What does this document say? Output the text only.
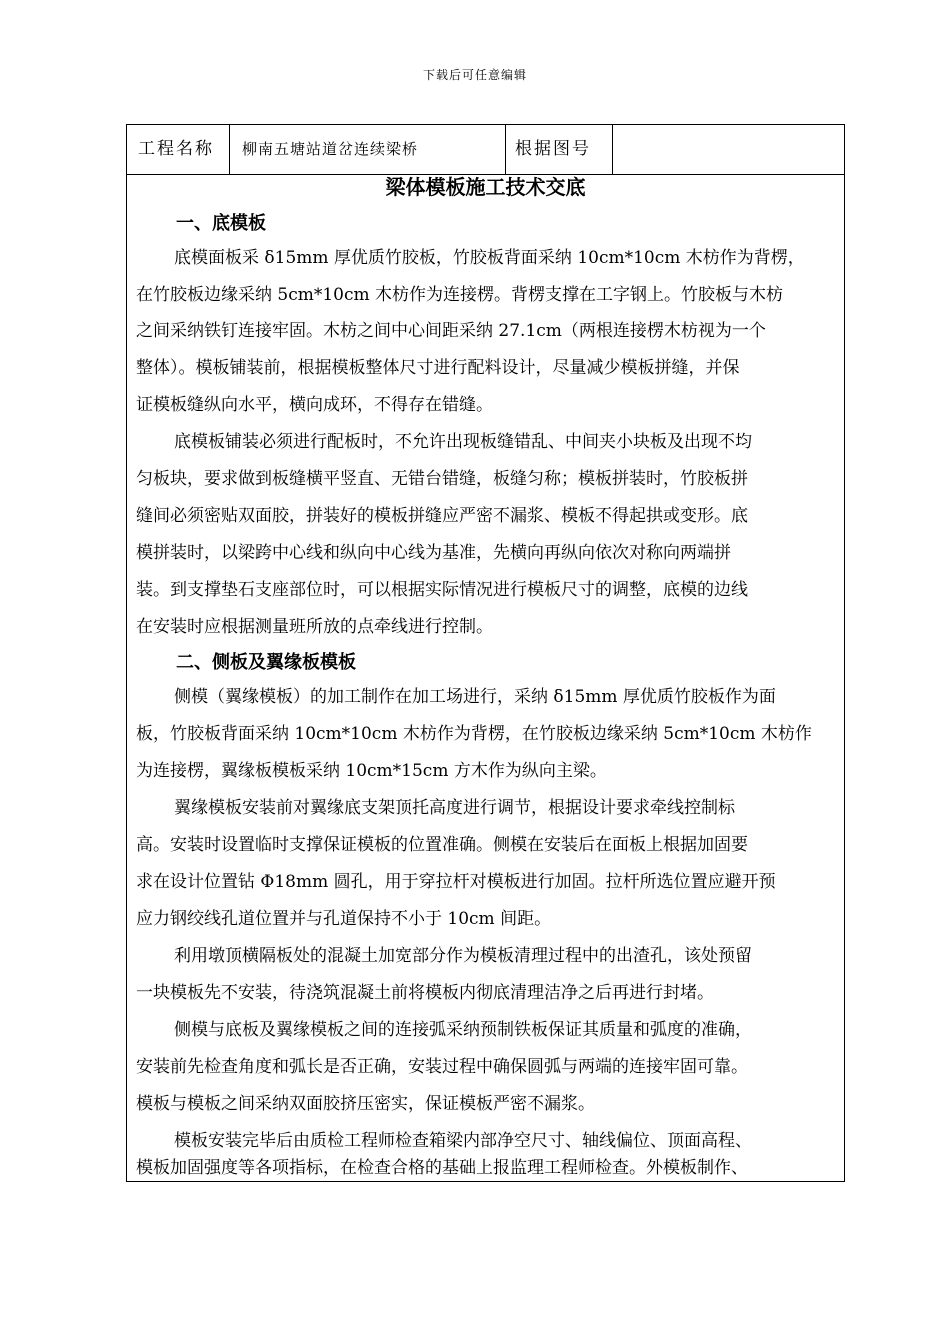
下载后可任意编辑
工程名称	柳南五塘站道岔连续梁桥	根据图号
梁体模板施工技术交底
一、底模板
底模面板采 δ15mm 厚优质竹胶板，竹胶板背面采纳 10cm*10cm 木枋作为背楞，
在竹胶板边缘采纳 5cm*10cm 木枋作为连接楞。背楞支撑在工字钢上。竹胶板与木枋
之间采纳铁钉连接牢固。木枋之间中心间距采纳 27.1cm（两根连接楞木枋视为一个
整体）。模板铺装前，根据模板整体尺寸进行配料设计，尽量减少模板拼缝，并保
证模板缝纵向水平，横向成环，不得存在错缝。
底模板铺装必须进行配板时，不允许出现板缝错乱、中间夹小块板及出现不均
匀板块，要求做到板缝横平竖直、无错台错缝，板缝匀称；模板拼装时，竹胶板拼
缝间必须密贴双面胶，拼装好的模板拼缝应严密不漏浆、模板不得起拱或变形。底
模拼装时，以梁跨中心线和纵向中心线为基准，先横向再纵向依次对称向两端拼
装。到支撑垫石支座部位时，可以根据实际情况进行模板尺寸的调整，底模的边线
在安装时应根据测量班所放的点牵线进行控制。
二、侧板及翼缘板模板
侧模（翼缘模板）的加工制作在加工场进行，采纳 δ15mm 厚优质竹胶板作为面
板，竹胶板背面采纳 10cm*10cm 木枋作为背楞，在竹胶板边缘采纳 5cm*10cm 木枋作
为连接楞，翼缘板模板采纳 10cm*15cm 方木作为纵向主梁。
翼缘模板安装前对翼缘底支架顶托高度进行调节，根据设计要求牵线控制标
高。安装时设置临时支撑保证模板的位置准确。侧模在安装后在面板上根据加固要
求在设计位置钻 Φ18mm 圆孔，用于穿拉杆对模板进行加固。拉杆所选位置应避开预
应力钢绞线孔道位置并与孔道保持不小于 10cm 间距。
利用墩顶横隔板处的混凝土加宽部分作为模板清理过程中的出渣孔，该处预留
一块模板先不安装，待浇筑混凝土前将模板内彻底清理洁净之后再进行封堵。
侧模与底板及翼缘模板之间的连接弧采纳预制铁板保证其质量和弧度的准确，
安装前先检查角度和弧长是否正确，安装过程中确保圆弧与两端的连接牢固可靠。
模板与模板之间采纳双面胶挤压密实，保证模板严密不漏浆。
模板安装完毕后由质检工程师检查箱梁内部净空尺寸、轴线偏位、顶面高程、
模板加固强度等各项指标，在检查合格的基础上报监理工程师检查。外模板制作、
